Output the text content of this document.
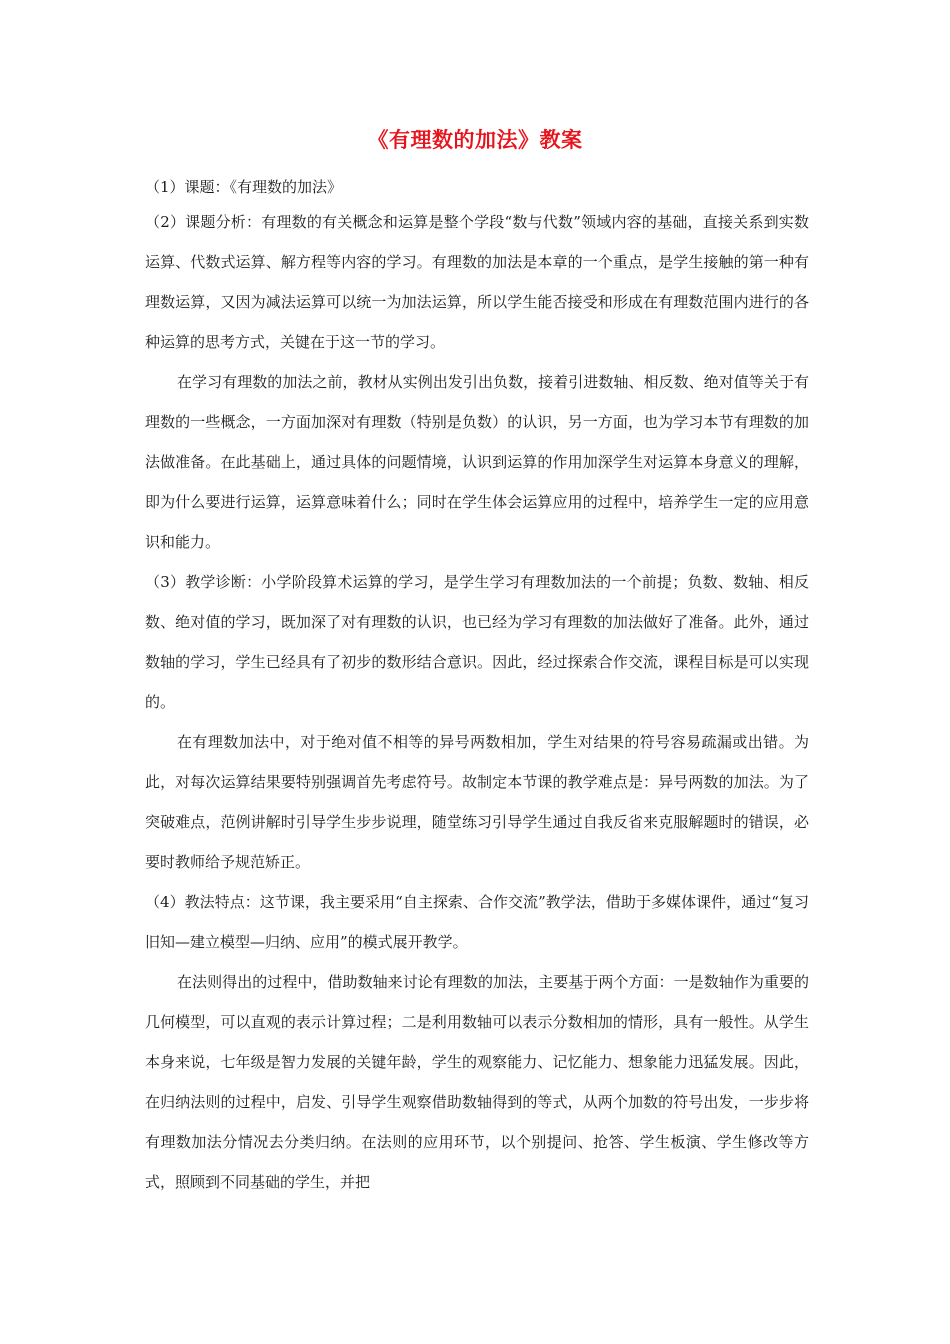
《有理数的加法》教案

（1）课题：《有理数的加法》

（2）课题分析：有理数的有关概念和运算是整个学段“数与代数”领域内容的基础，直接关系到实数运算、代数式运算、解方程等内容的学习。有理数的加法是本章的一个重点，是学生接触的第一种有理数运算，又因为减法运算可以统一为加法运算，所以学生能否接受和形成在有理数范围内进行的各种运算的思考方式，关键在于这一节的学习。

在学习有理数的加法之前，教材从实例出发引出负数，接着引进数轴、相反数、绝对值等关于有理数的一些概念，一方面加深对有理数（特别是负数）的认识，另一方面，也为学习本节有理数的加法做准备。在此基础上，通过具体的问题情境，认识到运算的作用加深学生对运算本身意义的理解，即为什么要进行运算，运算意味着什么；同时在学生体会运算应用的过程中，培养学生一定的应用意识和能力。

（3）教学诊断：小学阶段算术运算的学习，是学生学习有理数加法的一个前提；负数、数轴、相反数、绝对值的学习，既加深了对有理数的认识，也已经为学习有理数的加法做好了准备。此外，通过数轴的学习，学生已经具有了初步的数形结合意识。因此，经过探索合作交流，课程目标是可以实现的。

在有理数加法中，对于绝对值不相等的异号两数相加，学生对结果的符号容易疏漏或出错。为此，对每次运算结果要特别强调首先考虑符号。故制定本节课的教学难点是：异号两数的加法。为了突破难点，范例讲解时引导学生步步说理，随堂练习引导学生通过自我反省来克服解题时的错误，必要时教师给予规范矫正。

（4）教法特点：这节课，我主要采用“自主探索、合作交流”教学法，借助于多媒体课件，通过“复习旧知—建立模型—归纳、应用”的模式展开教学。

在法则得出的过程中，借助数轴来讨论有理数的加法，主要基于两个方面：一是数轴作为重要的几何模型，可以直观的表示计算过程；二是利用数轴可以表示分数相加的情形，具有一般性。从学生本身来说，七年级是智力发展的关键年龄，学生的观察能力、记忆能力、想象能力迅猛发展。因此，在归纳法则的过程中，启发、引导学生观察借助数轴得到的等式，从两个加数的符号出发，一步步将有理数加法分情况去分类归纳。在法则的应用环节，以个别提问、抢答、学生板演、学生修改等方式，照顾到不同基础的学生，并把
